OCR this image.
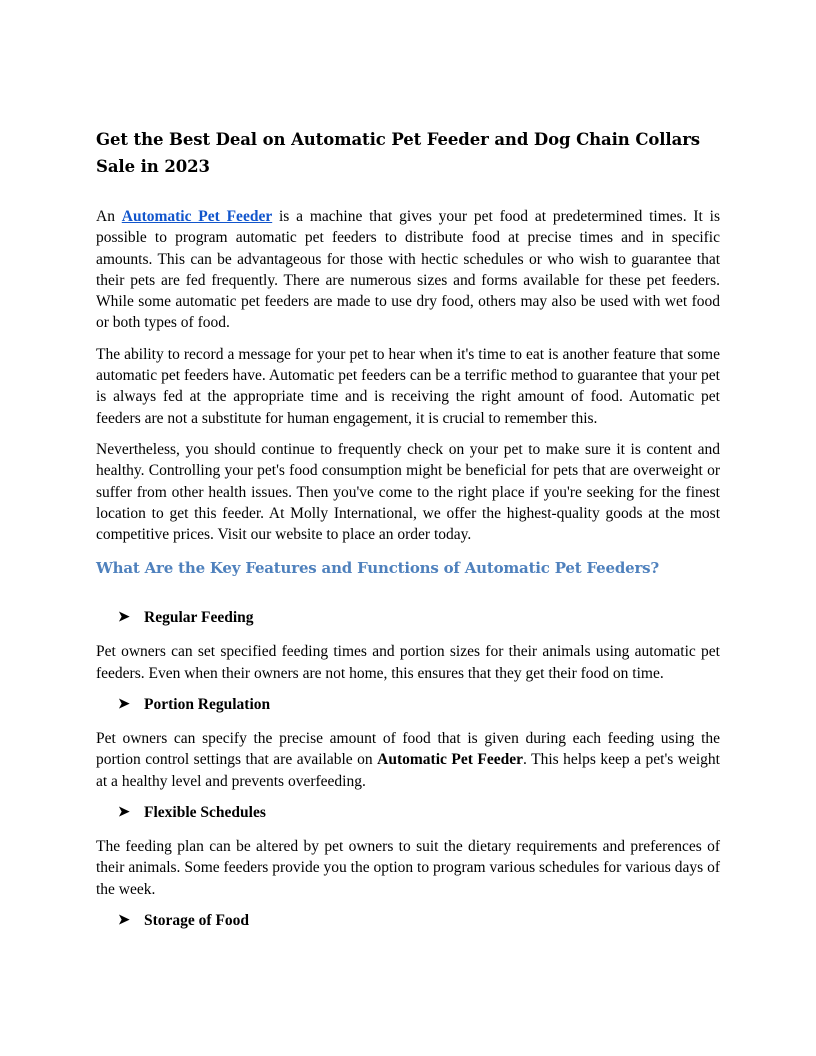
Get the Best Deal on Automatic Pet Feeder and Dog Chain Collars Sale in 2023

An Automatic Pet Feeder is a machine that gives your pet food at predetermined times. It is possible to program automatic pet feeders to distribute food at precise times and in specific amounts. This can be advantageous for those with hectic schedules or who wish to guarantee that their pets are fed frequently. There are numerous sizes and forms available for these pet feeders. While some automatic pet feeders are made to use dry food, others may also be used with wet food or both types of food.

The ability to record a message for your pet to hear when it's time to eat is another feature that some automatic pet feeders have. Automatic pet feeders can be a terrific method to guarantee that your pet is always fed at the appropriate time and is receiving the right amount of food. Automatic pet feeders are not a substitute for human engagement, it is crucial to remember this.

Nevertheless, you should continue to frequently check on your pet to make sure it is content and healthy. Controlling your pet's food consumption might be beneficial for pets that are overweight or suffer from other health issues. Then you've come to the right place if you're seeking for the finest location to get this feeder. At Molly International, we offer the highest-quality goods at the most competitive prices. Visit our website to place an order today.

What Are the Key Features and Functions of Automatic Pet Feeders?
➤ Regular Feeding

Pet owners can set specified feeding times and portion sizes for their animals using automatic pet feeders. Even when their owners are not home, this ensures that they get their food on time.

➤ Portion Regulation

Pet owners can specify the precise amount of food that is given during each feeding using the portion control settings that are available on Automatic Pet Feeder. This helps keep a pet's weight at a healthy level and prevents overfeeding.

➤ Flexible Schedules

The feeding plan can be altered by pet owners to suit the dietary requirements and preferences of their animals. Some feeders provide you the option to program various schedules for various days of the week.

➤ Storage of Food
